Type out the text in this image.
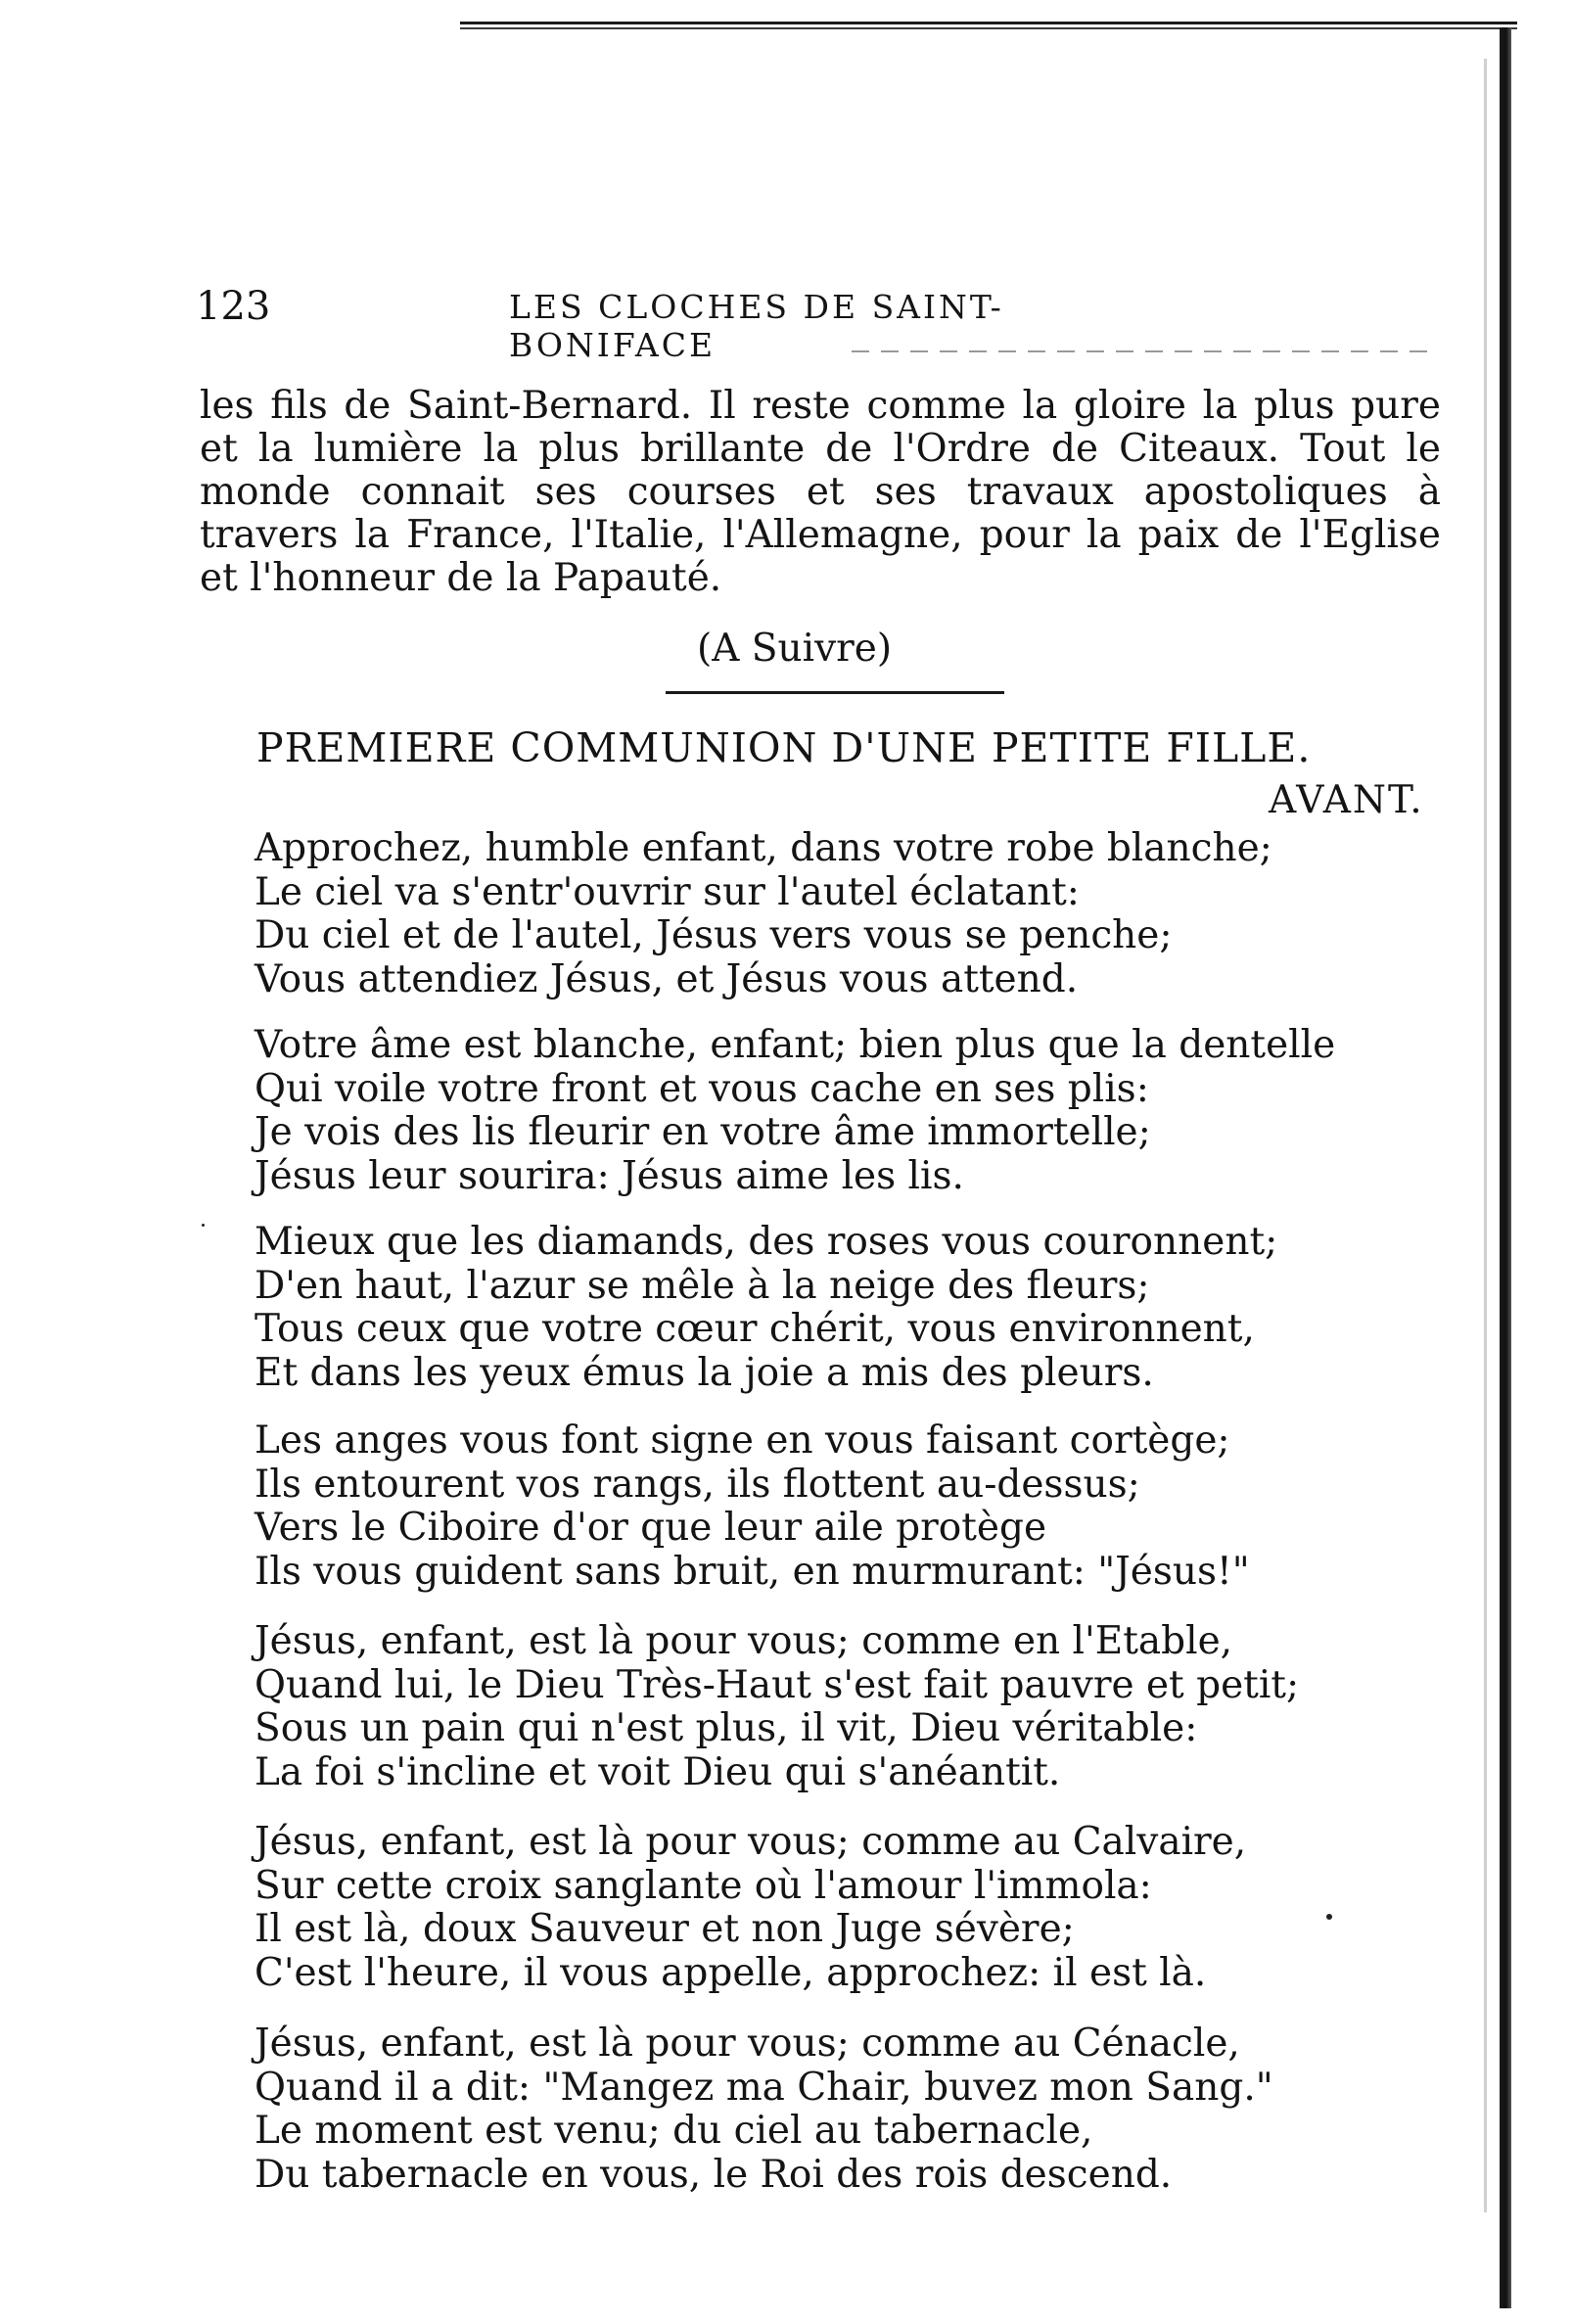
123	LES CLOCHES DE SAINT-BONIFACE

les fils de Saint-Bernard. Il reste comme la gloire la plus pure et la lumière la plus brillante de l'Ordre de Citeaux. Tout le monde connait ses courses et ses travaux apostoliques à travers la France, l'Italie, l'Allemagne, pour la paix de l'Eglise et l'honneur de la Papauté.

(A Suivre)
PREMIERE COMMUNION D'UNE PETITE FILLE.
AVANT.
Approchez, humble enfant, dans votre robe blanche;
Le ciel va s'entr'ouvrir sur l'autel éclatant:
Du ciel et de l'autel, Jésus vers vous se penche;
Vous attendiez Jésus, et Jésus vous attend.
Votre âme est blanche, enfant; bien plus que la dentelle
Qui voile votre front et vous cache en ses plis:
Je vois des lis fleurir en votre âme immortelle;
Jésus leur sourira: Jésus aime les lis.
Mieux que les diamands, des roses vous couronnent;
D'en haut, l'azur se mêle à la neige des fleurs;
Tous ceux que votre cœur chérit, vous environnent,
Et dans les yeux émus la joie a mis des pleurs.
Les anges vous font signe en vous faisant cortège;
Ils entourent vos rangs, ils flottent au-dessus;
Vers le Ciboire d'or que leur aile protège
Ils vous guident sans bruit, en murmurant: "Jésus!"
Jésus, enfant, est là pour vous; comme en l'Etable,
Quand lui, le Dieu Très-Haut s'est fait pauvre et petit;
Sous un pain qui n'est plus, il vit, Dieu véritable:
La foi s'incline et voit Dieu qui s'anéantit.
Jésus, enfant, est là pour vous; comme au Calvaire,
Sur cette croix sanglante où l'amour l'immola:
Il est là, doux Sauveur et non Juge sévère;
C'est l'heure, il vous appelle, approchez: il est là.
Jésus, enfant, est là pour vous; comme au Cénacle,
Quand il a dit: "Mangez ma Chair, buvez mon Sang."
Le moment est venu; du ciel au tabernacle,
Du tabernacle en vous, le Roi des rois descend.
